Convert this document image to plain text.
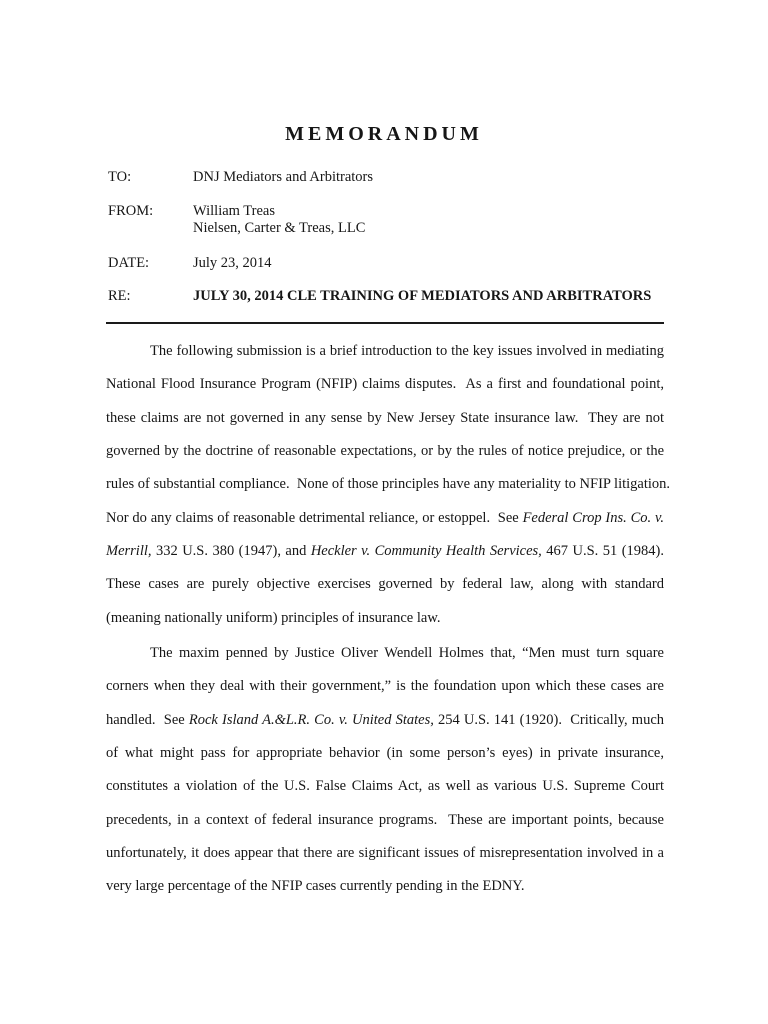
MEMORANDUM
TO:	DNJ Mediators and Arbitrators
FROM:	William Treas
Nielsen, Carter & Treas, LLC
DATE:	July 23, 2014
RE:	JULY 30, 2014 CLE TRAINING OF MEDIATORS AND ARBITRATORS
The following submission is a brief introduction to the key issues involved in mediating
National Flood Insurance Program (NFIP) claims disputes.  As a first and foundational point,
these claims are not governed in any sense by New Jersey State insurance law.  They are not
governed by the doctrine of reasonable expectations, or by the rules of notice prejudice, or the
rules of substantial compliance.  None of those principles have any materiality to NFIP litigation.
Nor do any claims of reasonable detrimental reliance, or estoppel.  See Federal Crop Ins. Co. v.
Merrill, 332 U.S. 380 (1947), and Heckler v. Community Health Services, 467 U.S. 51 (1984).
These cases are purely objective exercises governed by federal law, along with standard
(meaning nationally uniform) principles of insurance law.
The maxim penned by Justice Oliver Wendell Holmes that, “Men must turn square
corners when they deal with their government,” is the foundation upon which these cases are
handled.  See Rock Island A.&L.R. Co. v. United States, 254 U.S. 141 (1920).  Critically, much
of what might pass for appropriate behavior (in some person’s eyes) in private insurance,
constitutes a violation of the U.S. False Claims Act, as well as various U.S. Supreme Court
precedents, in a context of federal insurance programs.  These are important points, because
unfortunately, it does appear that there are significant issues of misrepresentation involved in a
very large percentage of the NFIP cases currently pending in the EDNY.
